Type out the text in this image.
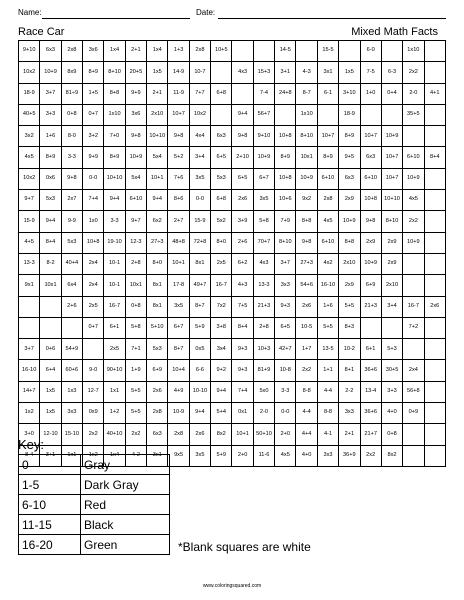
Name:	Date:
Race Car	Mixed Math Facts
9+10	6x3	2x8	3x6	1x4	2+1	1x4	1+3	2x8	10+5			14-5		15-5		6-0		1x10	
10x2	10+9	8x9	8+9	8+10	20+5	1x5	14-9	10-7		4x3	15+3	3+1	4-3	3x1	1x5	7-5	6-3	2x2	
18-9	3+7	81÷9	1+5	8+8	9+9	2+1	11-9	7+7	6+8		7-4	24+8	8-7	6-1	3+10	1+0	0+4	2-0	4+1
40+5	3+3	0+8	0+7	1x10	3x6	2x10	10+7	10x2		9+4	56+7		1x10		18-9			35+5	
3x2	1+6	8-0	3+2	7+0	9+8	10+10	9+8	4x4	6x3	9+8	9+10	10+8	8+10	10+7	8+9	10+7	10+9		
4x5	8+9	3-3	9+9	8+9	10+9	5x4	5+2	3+4	6+5	2+10	10+9	8+9	10x1	8+9	9+5	6x3	10+7	6+10	8+4
10x2	0x6	9+8	0-0	10+10	5x4	10+1	7+6	3x5	5x3	6+5	6+7	10+8	10+9	6+10	6x3	6+10	10+7	10+9	
9+7	5x3	2x7	7+4	9+4	6+10	9+4	8+6	0-0	6+8	2x6	3x5	10+6	9x2	2x8	2x9	10+8	10+10	4x5	
15-9	9+4	9-9	1x0	3-3	9+7	6x2	2+7	15-9	5x2	3+9	5+8	7+9	8+8	4x5	10+9	9+8	8+10	2x2	
4+5	8+4	5x3	10+8	19-10	12-3	27÷3	48+8	72+8	8+0	2+6	70+7	8+10	9+8	6+10	8+8	2x9	2x9	10+9	
13-3	8-2	40+4	2x4	10-1	2+8	8+0	10+1	8x1	2x5	6+2	4x3	3+7	27+3	4x2	2x10	10+9	2x9		
9x1	10x1	6x4	2x4	10-1	10x1	8x1	17-8	49+7	16-7	4+3	13-3	3x3	54+6	16-10	2x9	6+9	2x10		
		2+6	2x5	16-7	0+8	8x1	3x5	8+7	7x2	7+5	21+3	9+3	2x6	1+6	5+5	21+3	3+4	16-7	2x6
			0+7	6+1	5+8	5+10	6+7	5+9	3+8	8+4	2+8	6+5	10-5	5+5	8+3			7+2	
3+7	0+6	54+9		2x5	7+1	5x3	8+7	0x5	3x4	9+3	10+3	42+7	1+7	13-5	10-2	6+1	5+3		
16-10	6+4	60+6	9-0	90+10	1+9	6+9	10+4	6-6	9+2	9+3	81+9	10-8	2x2	1+1	8+1	36+6	30+5	2x4	
14+7	1x5	1x3	12-7	1x1	5+5	2x6	4+9	10-10	9+4	7+4	5x0	3-3	8-8	4-4	2-2	13-4	3+3	56+8	
1x2	1x5	3x3	0x9	1+2	5+5	2x8	10-9	9+4	5+4	0x1	2-0	0-0	4-4	8-8	3x3	36+6	4+0	0+9	
3+0	12-10	15-10	2x2	40+10	2x2	6x3	2x8	2x6	8x2	10+1	50+10	2+0	4+4	4-1	2+1	21+7	0+8		
8-4	3+1	1x1	1x2	1x4	4-2	3x1	9x5	3x5	5+9	2+0	11-6	4x5	4+0	3x3	36+9	2x2	8x2		
Key:
0	Gray
1-5	Dark Gray
6-10	Red
11-15	Black
16-20	Green	*Blank squares are white
www.coloringsquared.com
